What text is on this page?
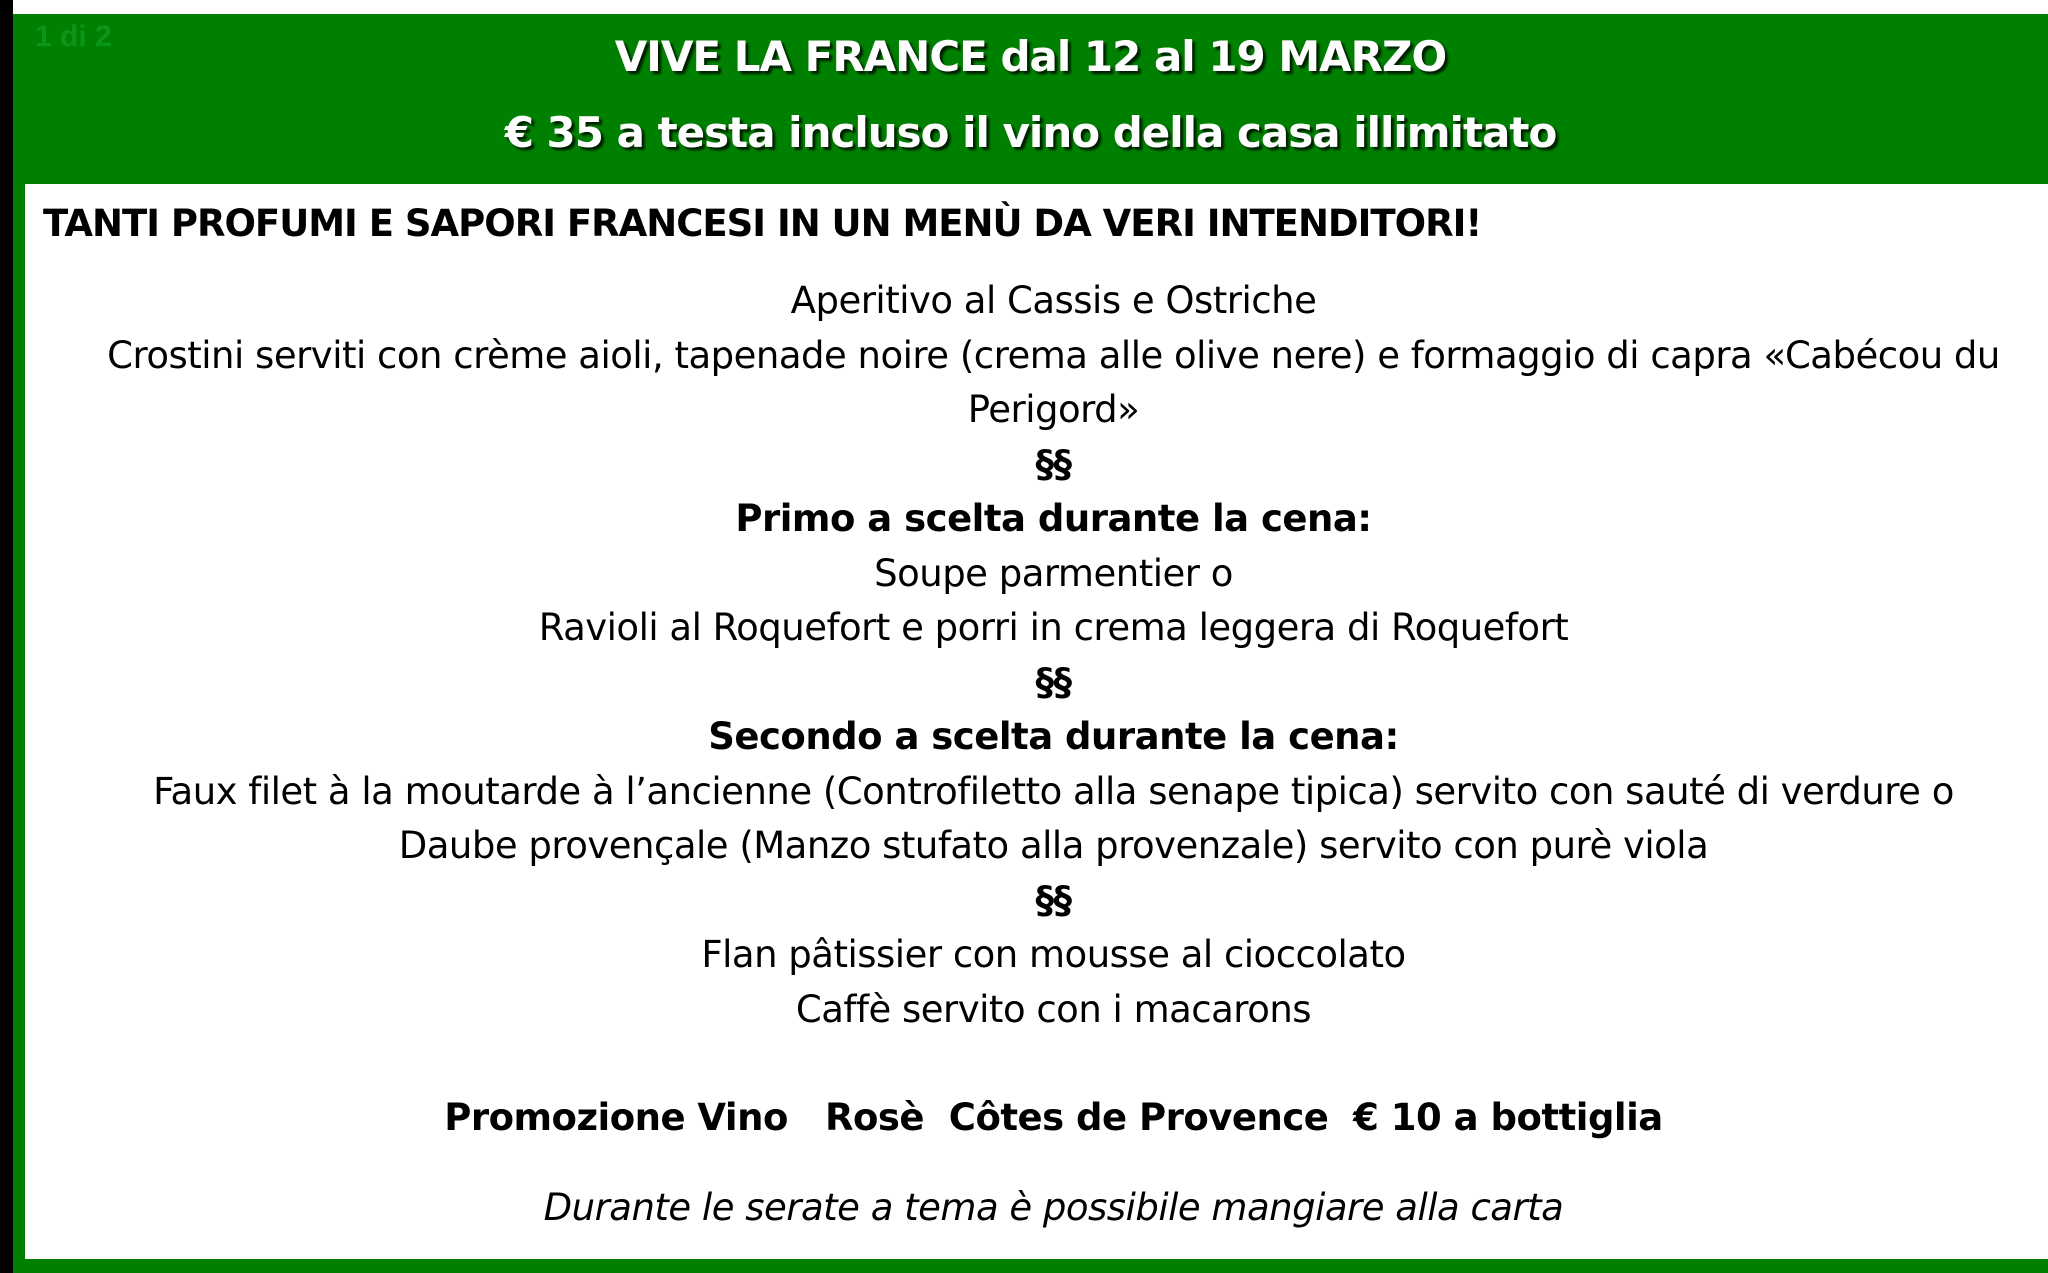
1 di 2	VIVE LA FRANCE dal 12 al 19 MARZO
€ 35 a testa incluso il vino della casa illimitato
TANTI PROFUMI E SAPORI FRANCESI IN UN MENÙ DA VERI INTENDITORI!
Aperitivo al Cassis e Ostriche
Crostini serviti con crème aioli, tapenade noire (crema alle olive nere) e formaggio di capra «Cabécou du Perigord»
§§
Primo a scelta durante la cena:
Soupe parmentier o
Ravioli al Roquefort e porri in crema leggera di Roquefort
§§
Secondo a scelta durante la cena:
Faux filet à la moutarde à l’ancienne (Controfiletto alla senape tipica) servito con sauté di verdure o
Daube provençale (Manzo stufato alla provenzale) servito con purè viola
§§
Flan pâtissier con mousse al cioccolato
Caffè servito con i macarons
Promozione Vino   Rosè  Côtes de Provence  € 10 a bottiglia
Durante le serate a tema è possibile mangiare alla carta
